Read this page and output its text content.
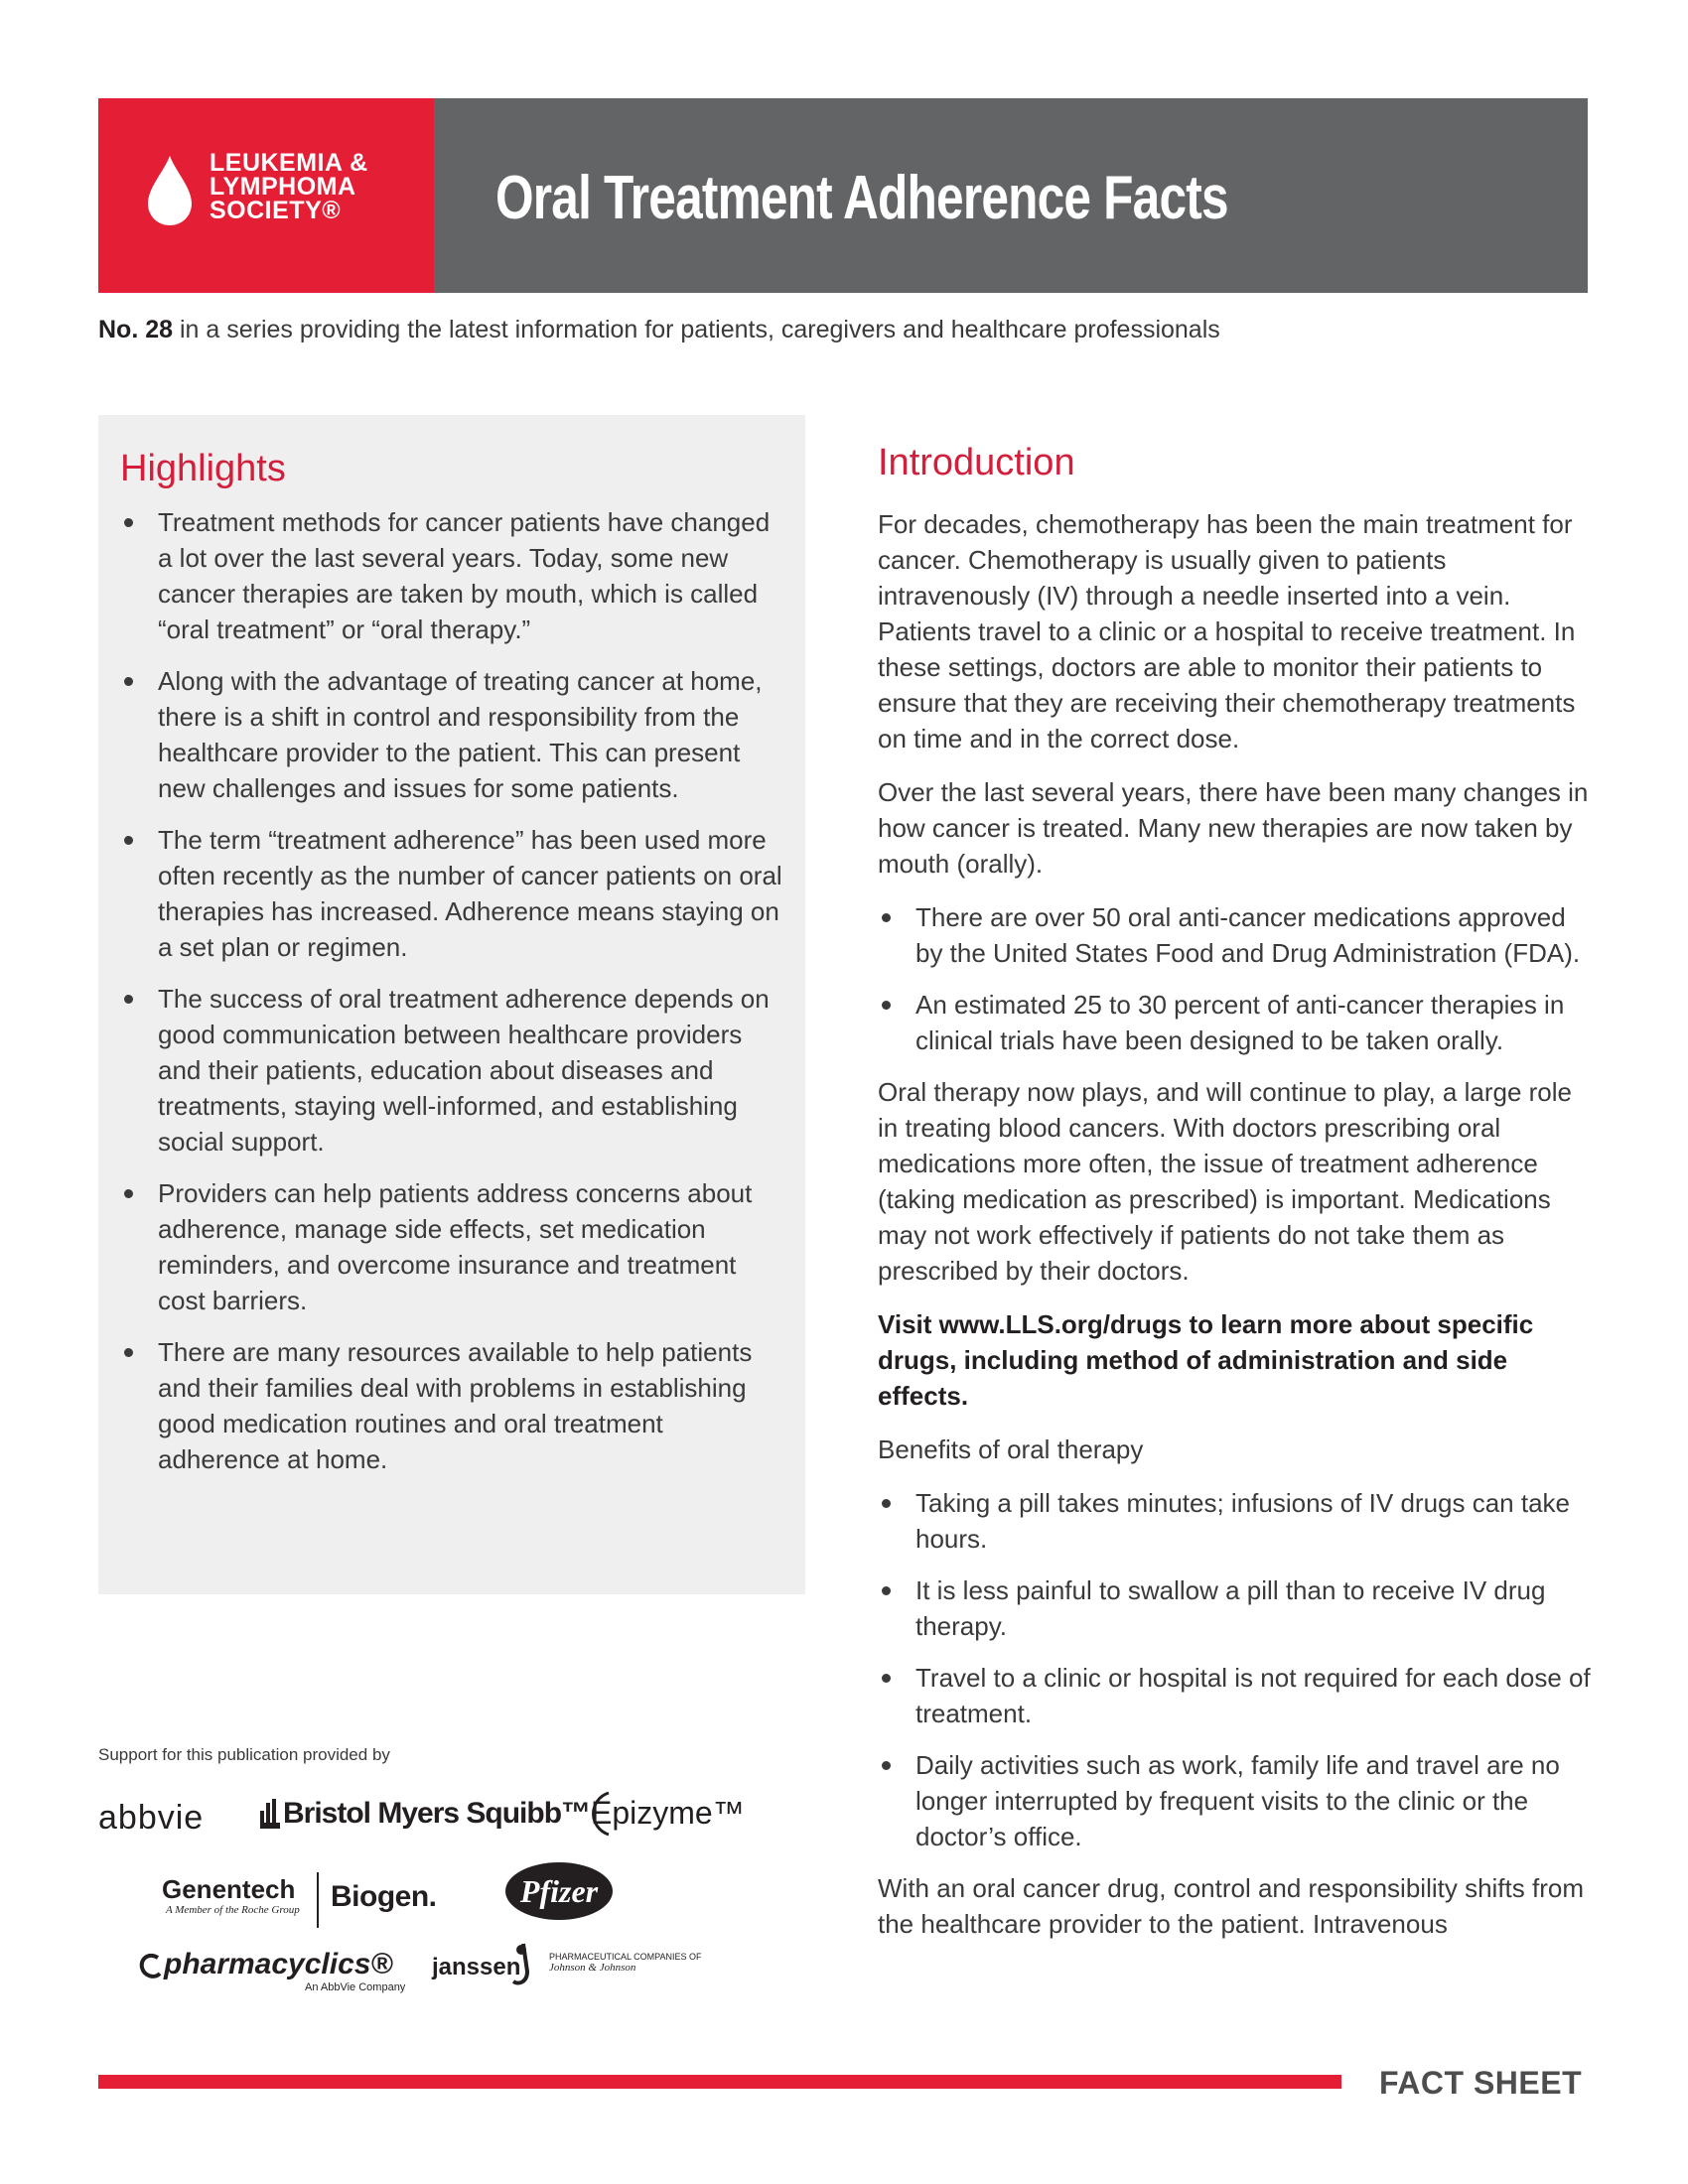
LEUKEMIA &
LYMPHOMA
SOCIETY®	Oral Treatment Adherence Facts
No. 28 in a series providing the latest information for patients, caregivers and healthcare professionals
Highlights
Treatment methods for cancer patients have changed a lot over the last several years. Today, some new cancer therapies are taken by mouth, which is called “oral treatment” or “oral therapy.”
Along with the advantage of treating cancer at home, there is a shift in control and responsibility from the healthcare provider to the patient. This can present new challenges and issues for some patients.
The term “treatment adherence” has been used more often recently as the number of cancer patients on oral therapies has increased. Adherence means staying on a set plan or regimen.
The success of oral treatment adherence depends on good communication between healthcare providers and their patients, education about diseases and treatments, staying well-informed, and establishing social support.
Providers can help patients address concerns about adherence, manage side effects, set medication reminders, and overcome insurance and treatment cost barriers.
There are many resources available to help patients and their families deal with problems in establishing good medication routines and oral treatment adherence at home.
Support for this publication provided by
abbvie	Bristol Myers Squibb™ Epizyme™
Genentech
A Member of the Roche Group Biogen.	Pfizer
pharmacyclics®
An AbbVie Company
janssen	PHARMACEUTICAL COMPANIES OF
Johnson & Johnson
Introduction

For decades, chemotherapy has been the main treatment for cancer. Chemotherapy is usually given to patients intravenously (IV) through a needle inserted into a vein. Patients travel to a clinic or a hospital to receive treatment. In these settings, doctors are able to monitor their patients to ensure that they are receiving their chemotherapy treatments on time and in the correct dose.

Over the last several years, there have been many changes in how cancer is treated. Many new therapies are now taken by mouth (orally).

There are over 50 oral anti-cancer medications approved by the United States Food and Drug Administration (FDA).
An estimated 25 to 30 percent of anti-cancer therapies in clinical trials have been designed to be taken orally.

Oral therapy now plays, and will continue to play, a large role in treating blood cancers. With doctors prescribing oral medications more often, the issue of treatment adherence (taking medication as prescribed) is important. Medications may not work effectively if patients do not take them as prescribed by their doctors.

Visit www.LLS.org/drugs to learn more about specific drugs, including method of administration and side effects.

Benefits of oral therapy

Taking a pill takes minutes; infusions of IV drugs can take hours.
It is less painful to swallow a pill than to receive IV drug therapy.
Travel to a clinic or hospital is not required for each dose of treatment.
Daily activities such as work, family life and travel are no longer interrupted by frequent visits to the clinic or the doctor’s office.

With an oral cancer drug, control and responsibility shifts from the healthcare provider to the patient. Intravenous

FACT SHEET
